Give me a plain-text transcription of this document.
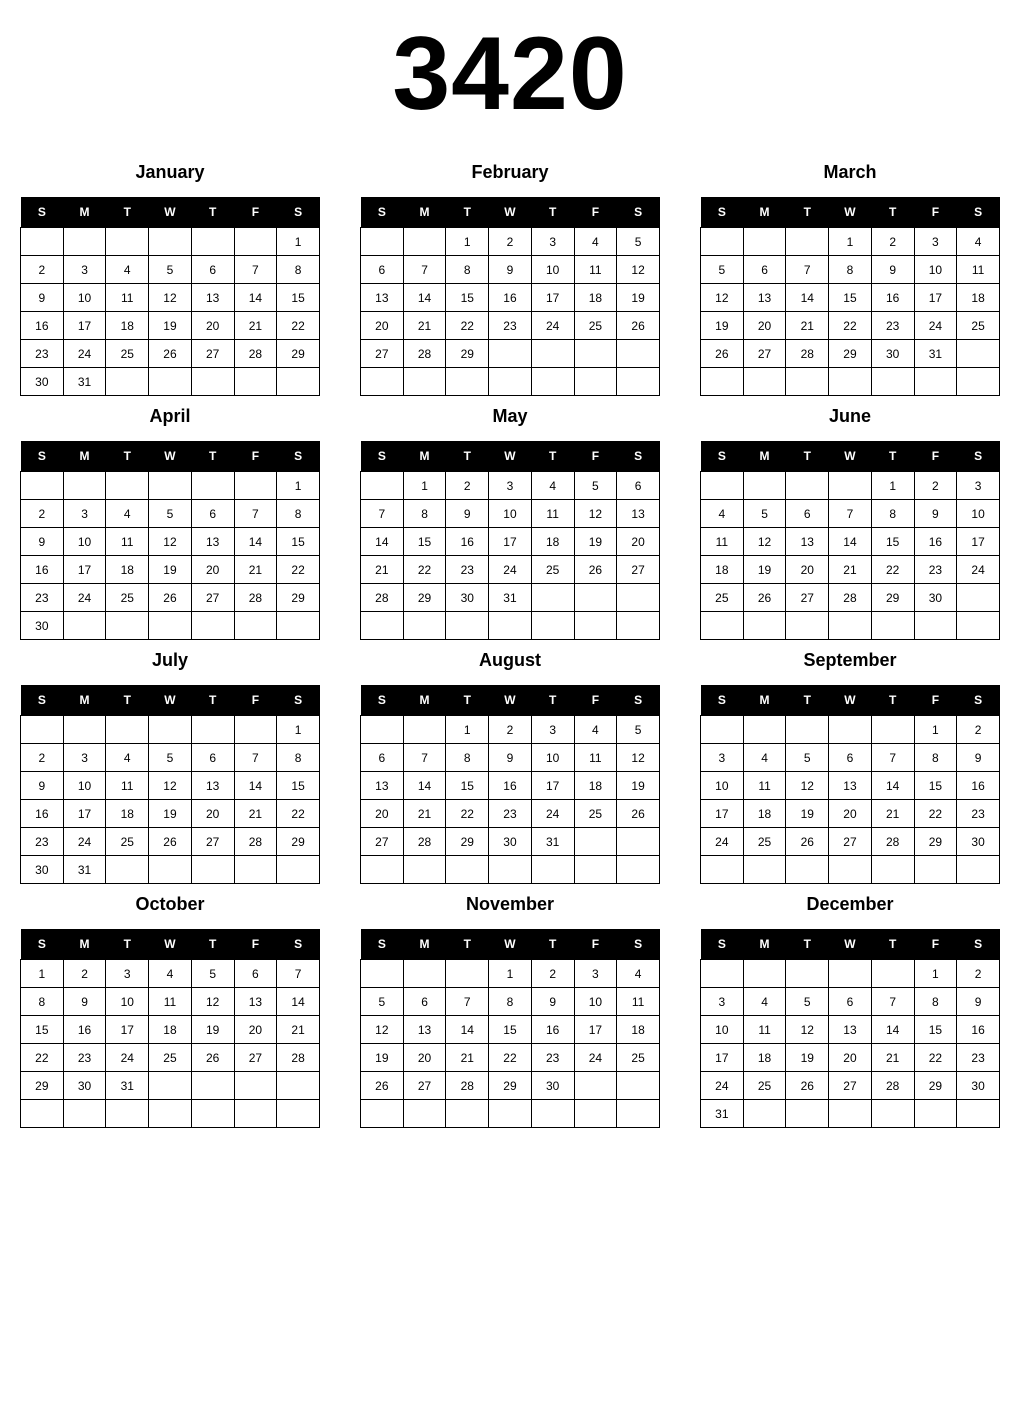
3420
January
S	M	T	W	T	F	S
						1
2	3	4	5	6	7	8
9	10	11	12	13	14	15
16	17	18	19	20	21	22
23	24	25	26	27	28	29
30	31					
February
S	M	T	W	T	F	S
		1	2	3	4	5
6	7	8	9	10	11	12
13	14	15	16	17	18	19
20	21	22	23	24	25	26
27	28	29				

March
S	M	T	W	T	F	S
			1	2	3	4
5	6	7	8	9	10	11
12	13	14	15	16	17	18
19	20	21	22	23	24	25
26	27	28	29	30	31	

April
S	M	T	W	T	F	S
						1
2	3	4	5	6	7	8
9	10	11	12	13	14	15
16	17	18	19	20	21	22
23	24	25	26	27	28	29
30						
May
S	M	T	W	T	F	S
	1	2	3	4	5	6
7	8	9	10	11	12	13
14	15	16	17	18	19	20
21	22	23	24	25	26	27
28	29	30	31			

June
S	M	T	W	T	F	S
				1	2	3
4	5	6	7	8	9	10
11	12	13	14	15	16	17
18	19	20	21	22	23	24
25	26	27	28	29	30	

July
S	M	T	W	T	F	S
						1
2	3	4	5	6	7	8
9	10	11	12	13	14	15
16	17	18	19	20	21	22
23	24	25	26	27	28	29
30	31					
August
S	M	T	W	T	F	S
		1	2	3	4	5
6	7	8	9	10	11	12
13	14	15	16	17	18	19
20	21	22	23	24	25	26
27	28	29	30	31		

September
S	M	T	W	T	F	S
					1	2
3	4	5	6	7	8	9
10	11	12	13	14	15	16
17	18	19	20	21	22	23
24	25	26	27	28	29	30

October
S	M	T	W	T	F	S
1	2	3	4	5	6	7
8	9	10	11	12	13	14
15	16	17	18	19	20	21
22	23	24	25	26	27	28
29	30	31				

November
S	M	T	W	T	F	S
			1	2	3	4
5	6	7	8	9	10	11
12	13	14	15	16	17	18
19	20	21	22	23	24	25
26	27	28	29	30		

December
S	M	T	W	T	F	S
					1	2
3	4	5	6	7	8	9
10	11	12	13	14	15	16
17	18	19	20	21	22	23
24	25	26	27	28	29	30
31						
